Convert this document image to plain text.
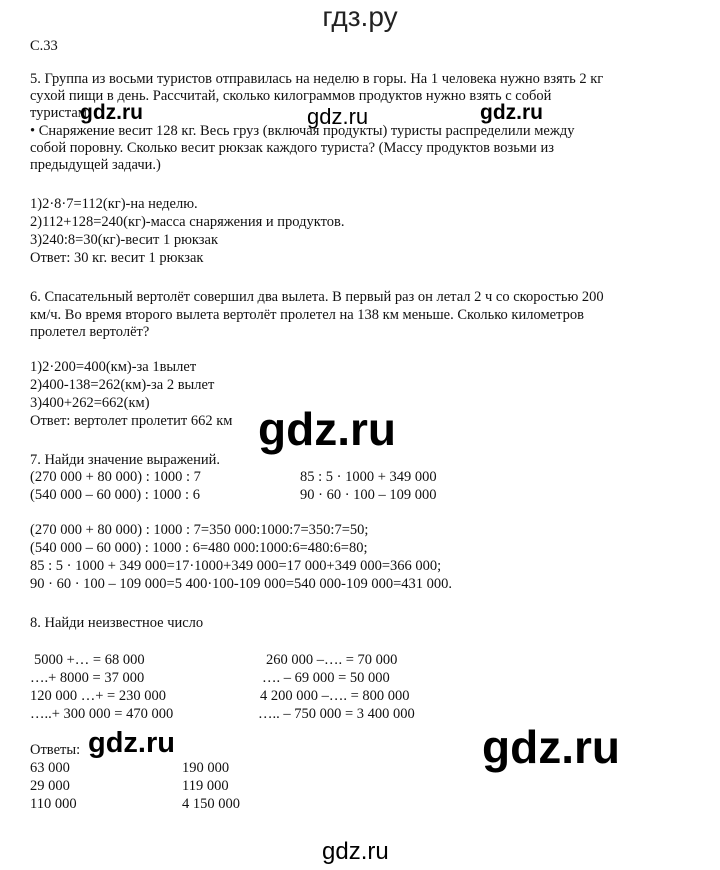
гдз.ру
С.33
5. Группа из восьми туристов отправилась на неделю в горы. На 1 человека нужно взять 2 кг
сухой пищи в день. Рассчитай, сколько килограммов продуктов нужно взять с собой
туристам.
• Снаряжение весит 128 кг. Весь груз (включая продукты) туристы распределили между
собой поровну. Сколько весит рюкзак каждого туриста? (Массу продуктов возьми из
предыдущей задачи.)
1)2·8·7=112(кг)-на неделю.
2)112+128=240(кг)-масса снаряжения и продуктов.
3)240:8=30(кг)-весит 1 рюкзак
Ответ: 30 кг. весит 1 рюкзак
6. Спасательный вертолёт совершил два вылета. В первый раз он летал 2 ч со скоростью 200
км/ч. Во время второго вылета вертолёт пролетел на 138 км меньше. Сколько километров
пролетел вертолёт?
1)2·200=400(км)-за 1вылет
2)400-138=262(км)-за 2 вылет
3)400+262=662(км)
Ответ: вертолет пролетит 662 км
7. Найди значение выражений.
(270 000 + 80 000) : 1000 : 7
(540 000 – 60 000) : 1000 : 6
85 : 5 · 1000 + 349 000
90 · 60 · 100 – 109 000
(270 000 + 80 000) : 1000 : 7=350 000:1000:7=350:7=50;
(540 000 – 60 000) : 1000 : 6=480 000:1000:6=480:6=80;
85 : 5 · 1000 + 349 000=17·1000+349 000=17 000+349 000=366 000;
90 · 60 · 100 – 109 000=5 400·100-109 000=540 000-109 000=431 000.
8. Найди неизвестное число
5000 +… = 68 000
….+ 8000 = 37 000
120 000 …+ = 230 000
…..+ 300 000 = 470 000
260 000 –…. = 70 000
…. – 69 000 = 50 000
4 200 000 –…. = 800 000
….. – 750 000 = 3 400 000
Ответы:
63 000
29 000
110 000
190 000
119 000
4 150 000
gdz.ru	gdz.ru
gdz.ru
gdz.ru
gdz.ru	gdz.ru
gdz.ru
